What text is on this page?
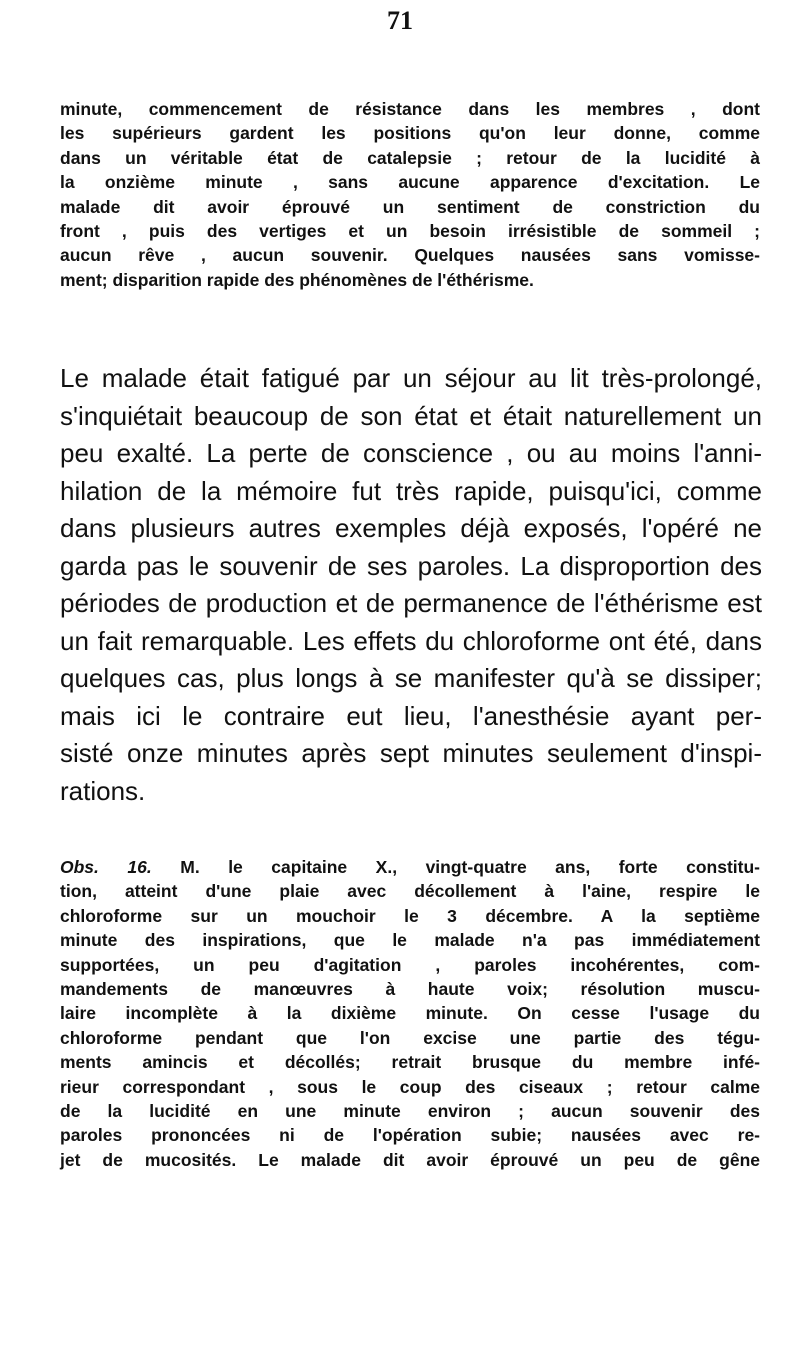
71
minute, commencement de résistance dans les membres , dont
les supérieurs gardent les positions qu'on leur donne, comme
dans un véritable état de catalepsie ; retour de la lucidité à
la onzième minute , sans aucune apparence d'excitation. Le
malade dit avoir éprouvé un sentiment de constriction du
front , puis des vertiges et un besoin irrésistible de sommeil ;
aucun rêve , aucun souvenir. Quelques nausées sans vomisse-
ment; disparition rapide des phénomènes de l'éthérisme.
Le malade était fatigué par un séjour au lit très-prolongé,
s'inquiétait beaucoup de son état et était naturellement un
peu exalté. La perte de conscience , ou au moins l'anni-
hilation de la mémoire fut très rapide, puisqu'ici, comme
dans plusieurs autres exemples déjà exposés, l'opéré ne
garda pas le souvenir de ses paroles. La disproportion des
périodes de production et de permanence de l'éthérisme est
un fait remarquable. Les effets du chloroforme ont été, dans
quelques cas, plus longs à se manifester qu'à se dissiper;
mais ici le contraire eut lieu, l'anesthésie ayant per-
sisté onze minutes après sept minutes seulement d'inspi-
rations.
Obs. 16. M. le capitaine X., vingt-quatre ans, forte constitu-
tion, atteint d'une plaie avec décollement à l'aine, respire le
chloroforme sur un mouchoir le 3 décembre. A la septième
minute des inspirations, que le malade n'a pas immédiatement
supportées, un peu d'agitation , paroles incohérentes, com-
mandements de manœuvres à haute voix; résolution muscu-
laire incomplète à la dixième minute. On cesse l'usage du
chloroforme pendant que l'on excise une partie des tégu-
ments amincis et décollés; retrait brusque du membre infé-
rieur correspondant , sous le coup des ciseaux ; retour calme
de la lucidité en une minute environ ; aucun souvenir des
paroles prononcées ni de l'opération subie; nausées avec re-
jet de mucosités. Le malade dit avoir éprouvé un peu de gêne
